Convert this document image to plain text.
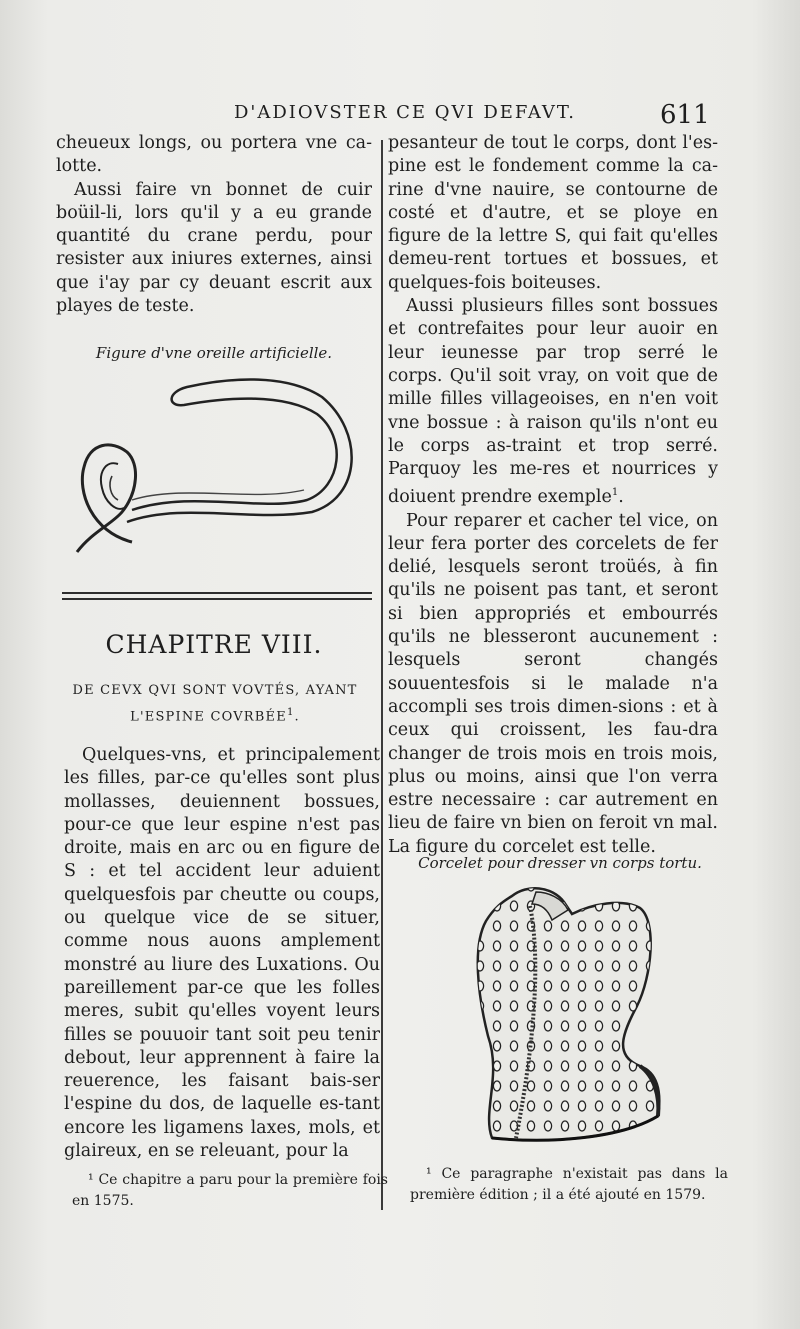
D'ADIOVSTER CE QVI DEFAVT.	611

cheueux longs, ou portera vne ca-lotte.

Aussi faire vn bonnet de cuir boüil-li, lors qu'il y a eu grande quantité du crane perdu, pour resister aux iniures externes, ainsi que i'ay par cy deuant escrit aux playes de teste.

Figure d'vne oreille artificielle.

CHAPITRE VIII.

DE CEVX QVI SONT VOVTÉS, AYANT L'ESPINE COVRBÉE$^1$.

Quelques-vns, et principalement les filles, par-ce qu'elles sont plus mollasses, deuiennent bossues, pour-ce que leur espine n'est pas droite, mais en arc ou en figure de S : et tel accident leur aduient quelquesfois par cheutte ou coups, ou quelque vice de se situer, comme nous auons amplement monstré au liure des Luxations. Ou pareillement par-ce que les folles meres, subit qu'elles voyent leurs filles se pouuoir tant soit peu tenir debout, leur apprennent à faire la reuerence, les faisant bais-ser l'espine du dos, de laquelle es-tant encore les ligamens laxes, mols, et glaireux, en se releuant, pour la

¹ Ce chapitre a paru pour la première fois en 1575.

pesanteur de tout le corps, dont l'es-pine est le fondement comme la ca-rine d'vne nauire, se contourne de costé et d'autre, et se ploye en figure de la lettre S, qui fait qu'elles demeu-rent tortues et bossues, et quelques-fois boiteuses.

Aussi plusieurs filles sont bossues et contrefaites pour leur auoir en leur ieunesse par trop serré le corps. Qu'il soit vray, on voit que de mille filles villageoises, en n'en voit vne bossue : à raison qu'ils n'ont eu le corps as-traint et trop serré. Parquoy les me-res et nourrices y doiuent prendre exemple$^1$.

Pour reparer et cacher tel vice, on leur fera porter des corcelets de fer delié, lesquels seront troüés, à fin qu'ils ne poisent pas tant, et seront si bien appropriés et embourrés qu'ils ne blesseront aucunement : lesquels seront changés souuentesfois si le malade n'a accompli ses trois dimen-sions : et à ceux qui croissent, les fau-dra changer de trois mois en trois mois, plus ou moins, ainsi que l'on verra estre necessaire : car autrement en lieu de faire vn bien on feroit vn mal. La figure du corcelet est telle.

Corcelet pour dresser vn corps tortu.

¹ Ce paragraphe n'existait pas dans la première édition ; il a été ajouté en 1579.
